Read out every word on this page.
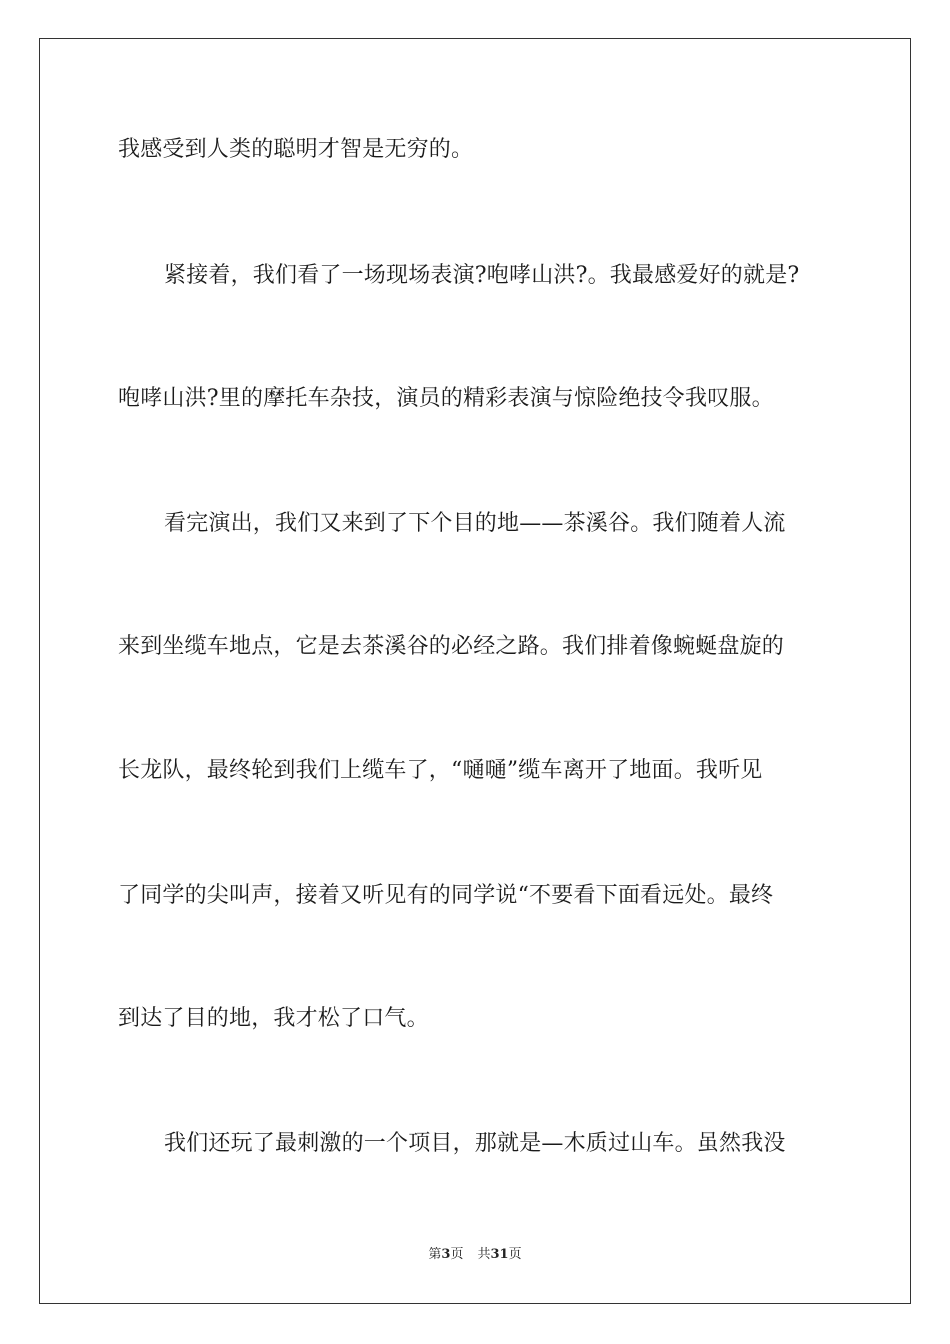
我感受到人类的聪明才智是无穷的。
紧接着，我们看了一场现场表演?咆哮山洪?。我最感爱好的就是?
咆哮山洪?里的摩托车杂技，演员的精彩表演与惊险绝技令我叹服。
看完演出，我们又来到了下个目的地——茶溪谷。我们随着人流
来到坐缆车地点，它是去茶溪谷的必经之路。我们排着像蜿蜒盘旋的
长龙队，最终轮到我们上缆车了，“嗵嗵”缆车离开了地面。我听见
了同学的尖叫声，接着又听见有的同学说“不要看下面看远处。最终
到达了目的地，我才松了口气。
我们还玩了最刺激的一个项目，那就是—木质过山车。虽然我没
第3页 共31页
